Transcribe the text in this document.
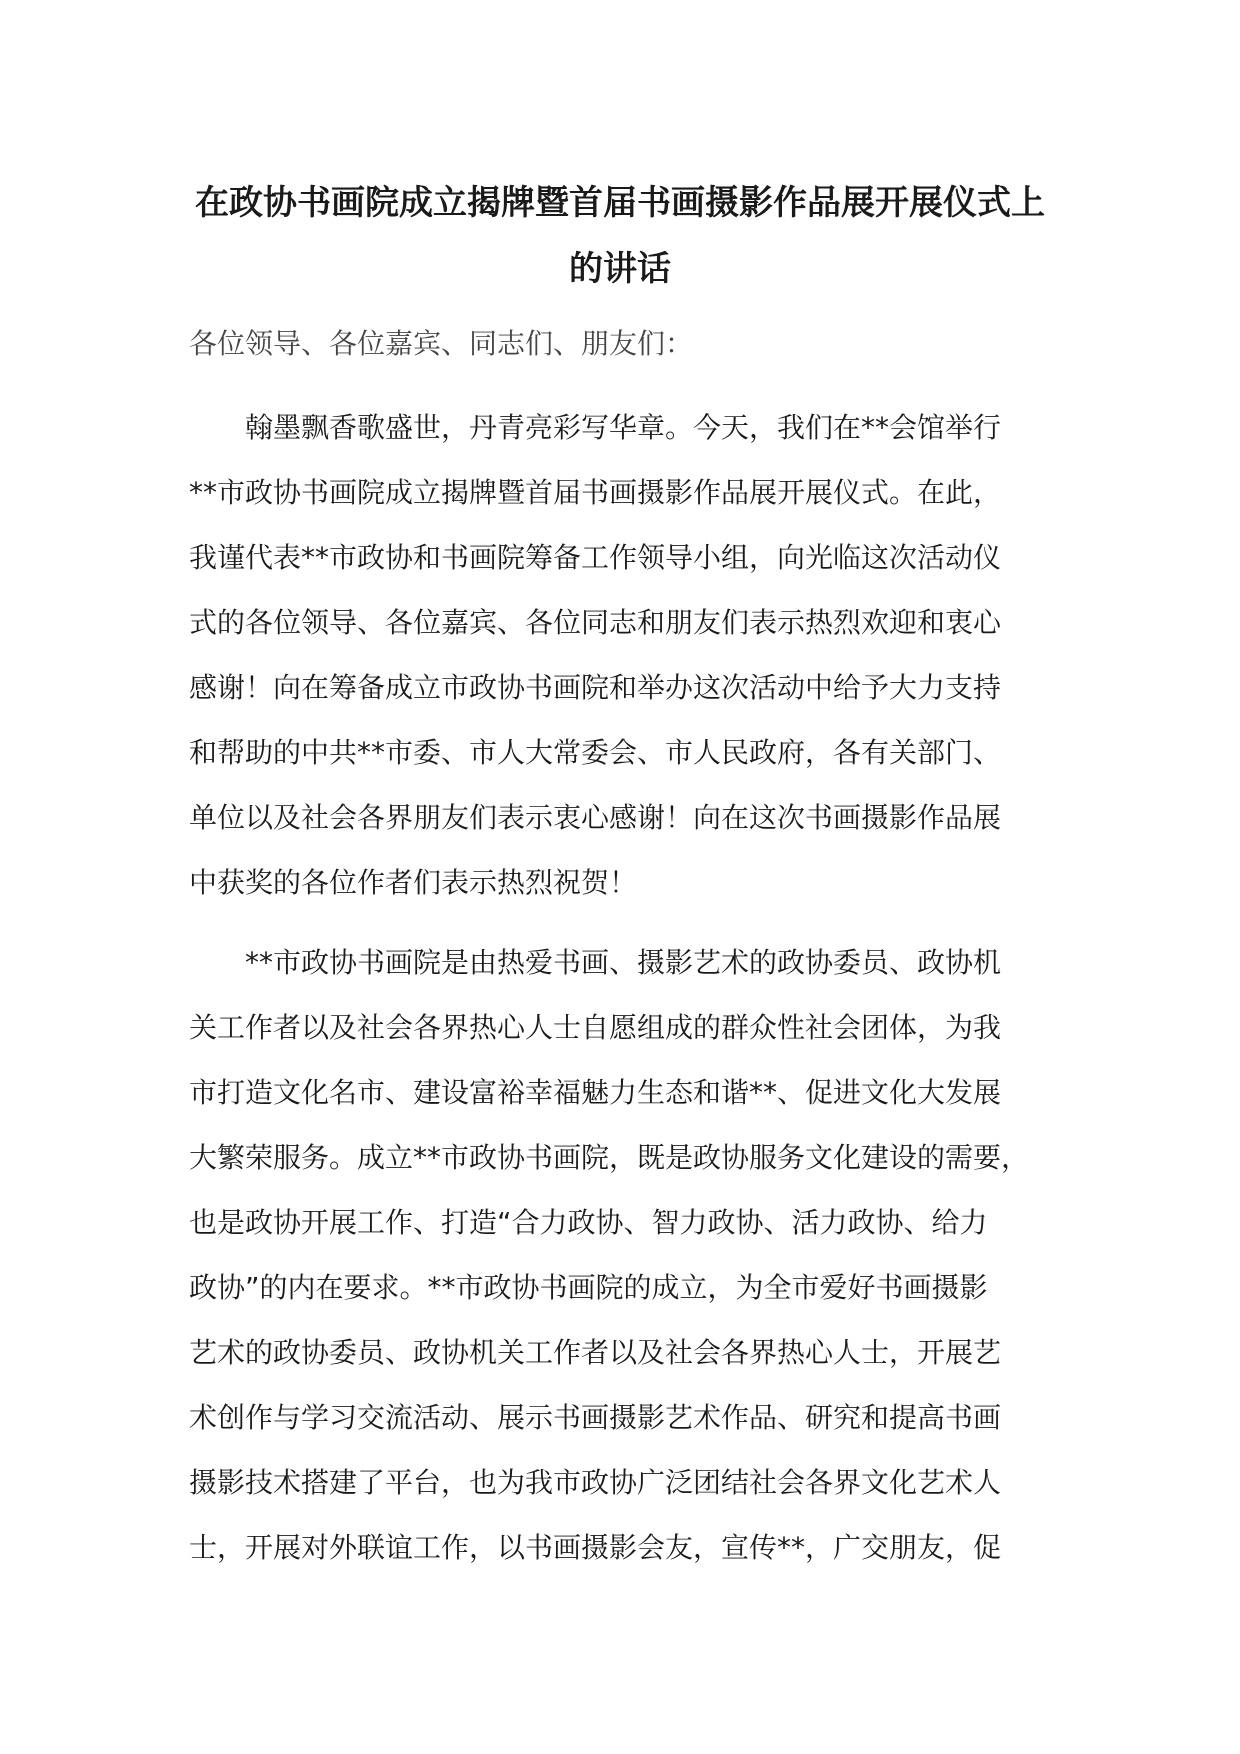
在政协书画院成立揭牌暨首届书画摄影作品展开展仪式上
的讲话

各位领导、各位嘉宾、同志们、朋友们：

　　翰墨飘香歌盛世，丹青亮彩写华章。今天，我们在**会馆举行
**市政协书画院成立揭牌暨首届书画摄影作品展开展仪式。在此，
我谨代表**市政协和书画院筹备工作领导小组，向光临这次活动仪
式的各位领导、各位嘉宾、各位同志和朋友们表示热烈欢迎和衷心
感谢！向在筹备成立市政协书画院和举办这次活动中给予大力支持
和帮助的中共**市委、市人大常委会、市人民政府，各有关部门、
单位以及社会各界朋友们表示衷心感谢！向在这次书画摄影作品展
中获奖的各位作者们表示热烈祝贺！

　　**市政协书画院是由热爱书画、摄影艺术的政协委员、政协机
关工作者以及社会各界热心人士自愿组成的群众性社会团体，为我
市打造文化名市、建设富裕幸福魅力生态和谐**、促进文化大发展
大繁荣服务。成立**市政协书画院，既是政协服务文化建设的需要，
也是政协开展工作、打造“合力政协、智力政协、活力政协、给力
政协”的内在要求。**市政协书画院的成立，为全市爱好书画摄影
艺术的政协委员、政协机关工作者以及社会各界热心人士，开展艺
术创作与学习交流活动、展示书画摄影艺术作品、研究和提高书画
摄影技术搭建了平台，也为我市政协广泛团结社会各界文化艺术人
士，开展对外联谊工作，以书画摄影会友，宣传**，广交朋友，促
